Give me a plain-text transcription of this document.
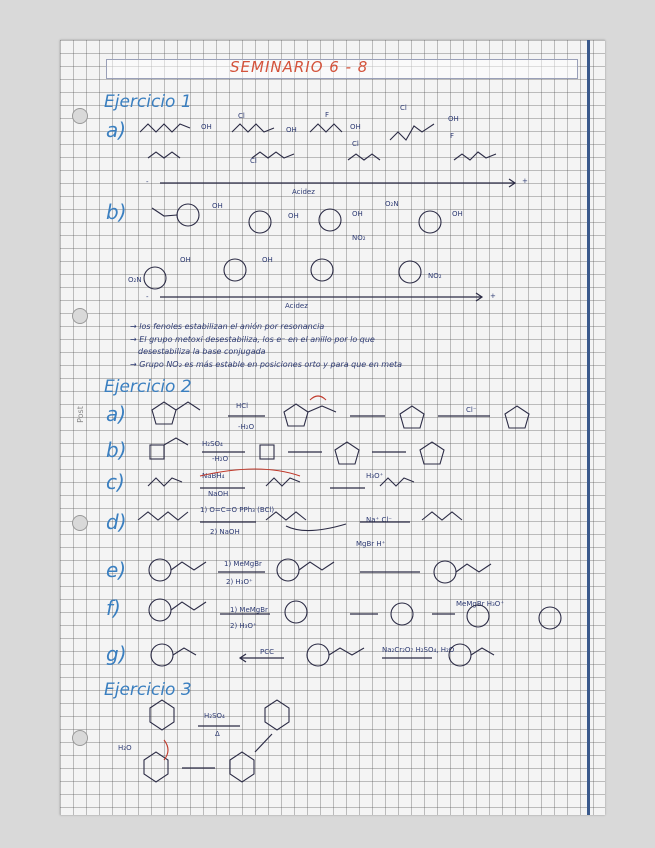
Post
SEMINARIO 6 - 8
Ejercicio 1
a)	OH	OH	OH
OH
Cl
Cl
F
F
Cl
Cl
-	+
Acidez
b)	OH
OH	OH	OH
O₂N
NO₂
O₂N	NO₂
OH	OH
-	+
Acidez
→ los fenoles estabilizan el anión por resonancia
→ El grupo metoxi desestabiliza, los e⁻ en el anillo por lo que
desestabiliza la base conjugada
→ Grupo NO₂ es más estable en posiciones orto y para que en meta
Ejercicio 2
a)	HCl
-H₂O
Cl⁻
b)	H₂SO₄
-H₂O
c)	NaBH₄
NaOH
H₃O⁺
d)	1) O=C=O PPh₃ (BCl)
2) NaOH
Na⁺ Cl⁻
e)	1) MeMgBr
2) H₃O⁺
MgBr H⁺
f)	1) MeMgBr
2) H₃O⁺
MeMgBr H₃O⁺
g)	PCC	Na₂Cr₂O₇ H₂SO₄, H₂O
Ejercicio 3
H₂SO₄
Δ
H₂O
